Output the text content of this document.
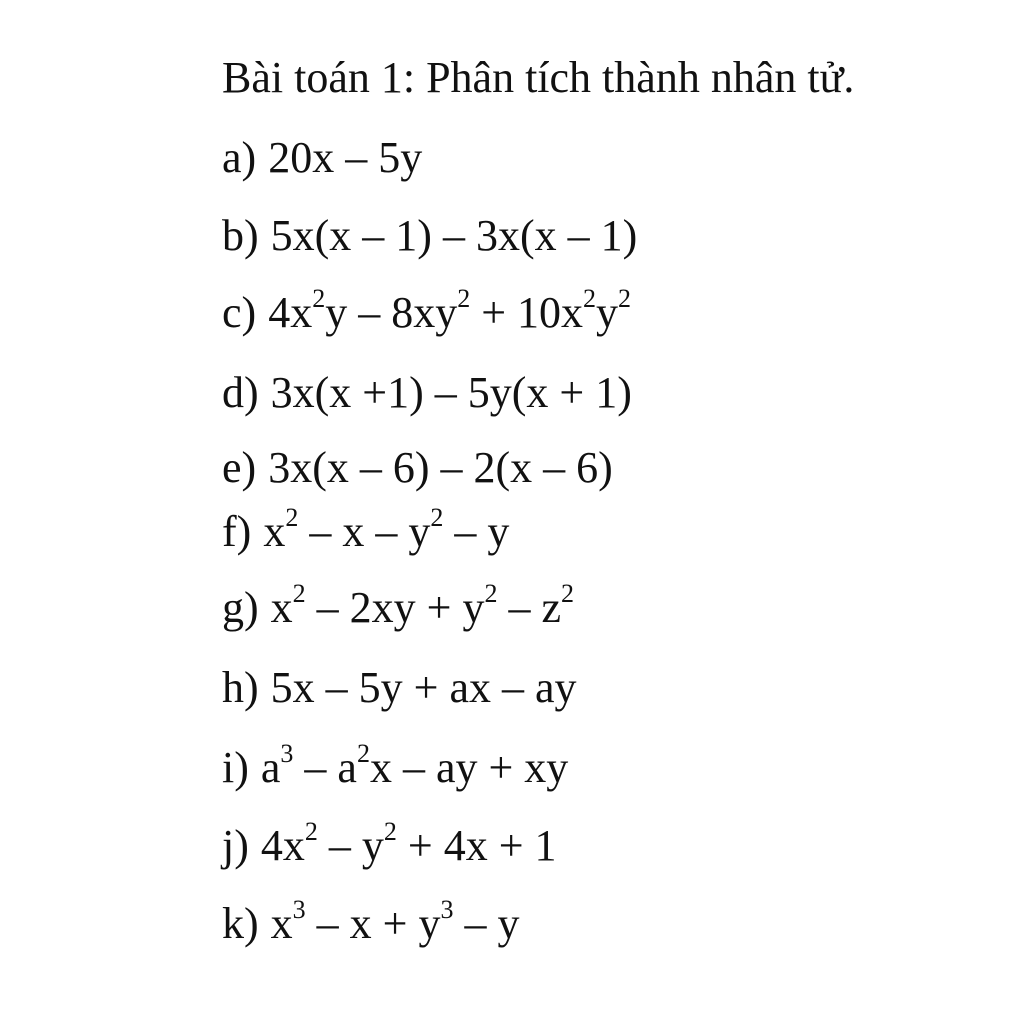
Bài toán 1: Phân tích thành nhân tử.
a) 20x – 5y
b) 5x(x – 1) – 3x(x – 1)
c) $4x^2y - 8xy^2 + 10x^2y^2$
d) 3x(x +1) – 5y(x + 1)
e) 3x(x – 6) – 2(x – 6)
f) $x^2$ – x – $y^2$ – y
g) $x^2 - 2xy + y^2 - z^2$
h) 5x – 5y + ax – ay
i) $a^3 - a^2x$ – ay + xy
j) $4x^2 - y^2 + 4x + 1$
k) $x^3 - x + y^3 - y$
